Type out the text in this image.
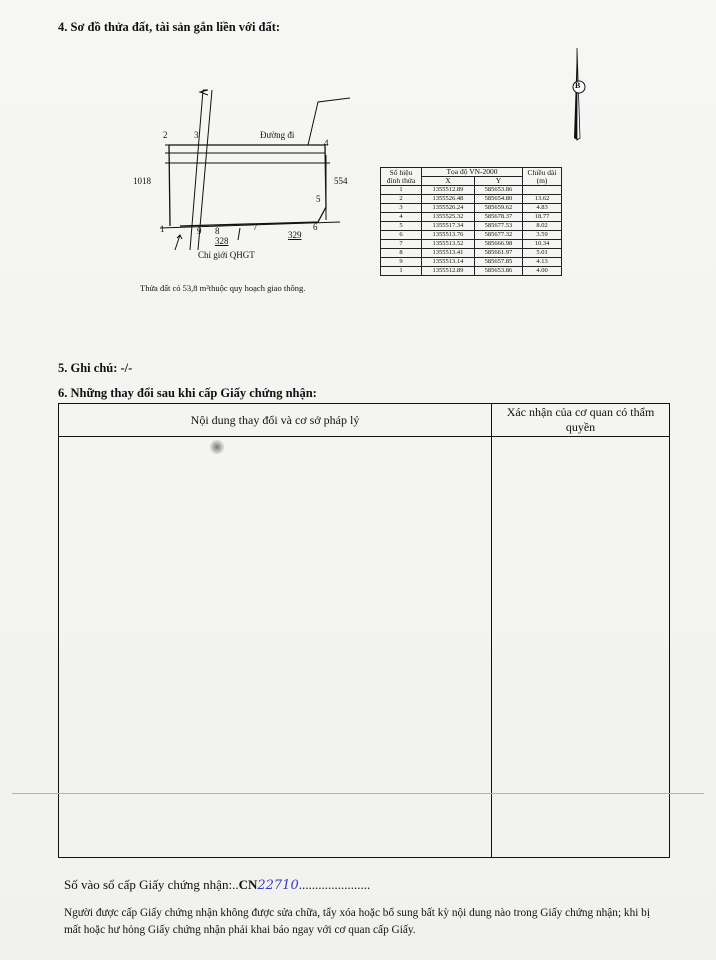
4. Sơ đồ thửa đất, tài sản gắn liền với đất:
2	3	Đường đi
4
1018	554
5
1	9 8	7	6
328
329
Chỉ giới QHGT
Thửa đất có 53,8 m²thuộc quy hoạch giao thông.
B
Số hiệu đỉnh thửa	Tọa độ VN-2000		Chiều dài (m)
	X	Y	
1	1355512.89	585653.86	
2	1355526.48	585654.80	13.62
3	1355526.24	585659.62	4.83
4	1355525.32	585678.37	18.77
5	1355517.34	585677.53	8.02
6	1355513.76	585677.32	3.59
7	1355513.52	585666.98	10.34
8	1355513.41	585661.97	5.01
9	1355513.14	585657.85	4.13
1	1355512.89	585653.86	4.00
5. Ghi chú: -/-
6. Những thay đổi sau khi cấp Giấy chứng nhận:
Nội dung thay đổi và cơ sở pháp lý	Xác nhận của cơ quan có thẩm quyền

Số vào sổ cấp Giấy chứng nhận:..CN22710......................
Người được cấp Giấy chứng nhận không được sửa chữa, tẩy xóa hoặc bổ sung bất kỳ nội dung nào trong Giấy chứng nhận; khi bị mất hoặc hư hỏng Giấy chứng nhận phải khai báo ngay với cơ quan cấp Giấy.
